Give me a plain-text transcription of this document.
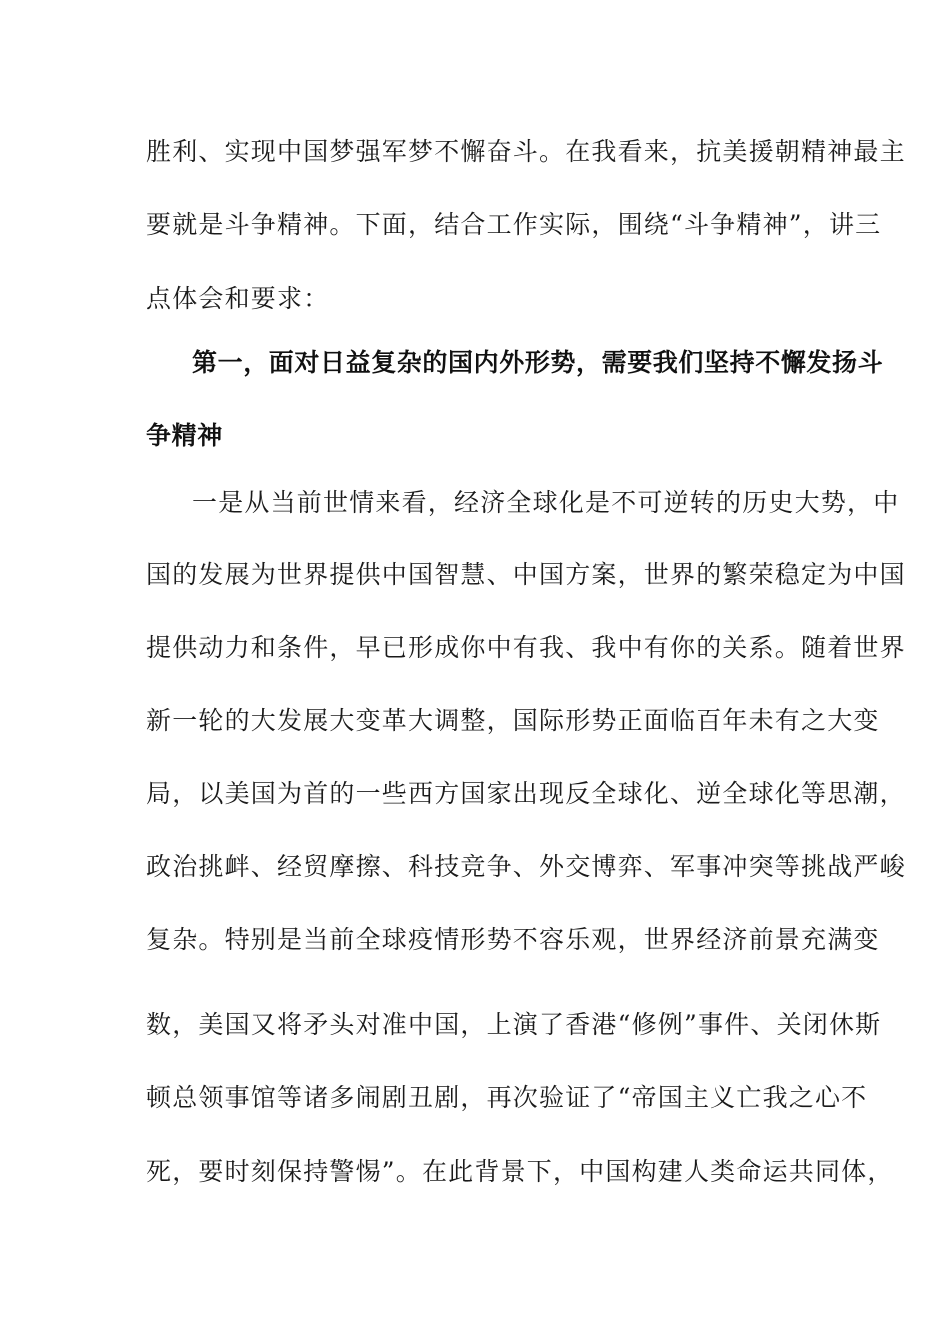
胜利、实现中国梦强军梦不懈奋斗。在我看来，抗美援朝精神最主
要就是斗争精神。下面，结合工作实际，围绕“斗争精神”，讲三
点体会和要求：
第一，面对日益复杂的国内外形势，需要我们坚持不懈发扬斗
争精神
一是从当前世情来看，经济全球化是不可逆转的历史大势，中
国的发展为世界提供中国智慧、中国方案，世界的繁荣稳定为中国
提供动力和条件，早已形成你中有我、我中有你的关系。随着世界
新一轮的大发展大变革大调整，国际形势正面临百年未有之大变
局，以美国为首的一些西方国家出现反全球化、逆全球化等思潮，
政治挑衅、经贸摩擦、科技竞争、外交博弈、军事冲突等挑战严峻
复杂。特别是当前全球疫情形势不容乐观，世界经济前景充满变
数，美国又将矛头对准中国，上演了香港“修例”事件、关闭休斯
顿总领事馆等诸多闹剧丑剧，再次验证了“帝国主义亡我之心不
死，要时刻保持警惕”。在此背景下，中国构建人类命运共同体，
